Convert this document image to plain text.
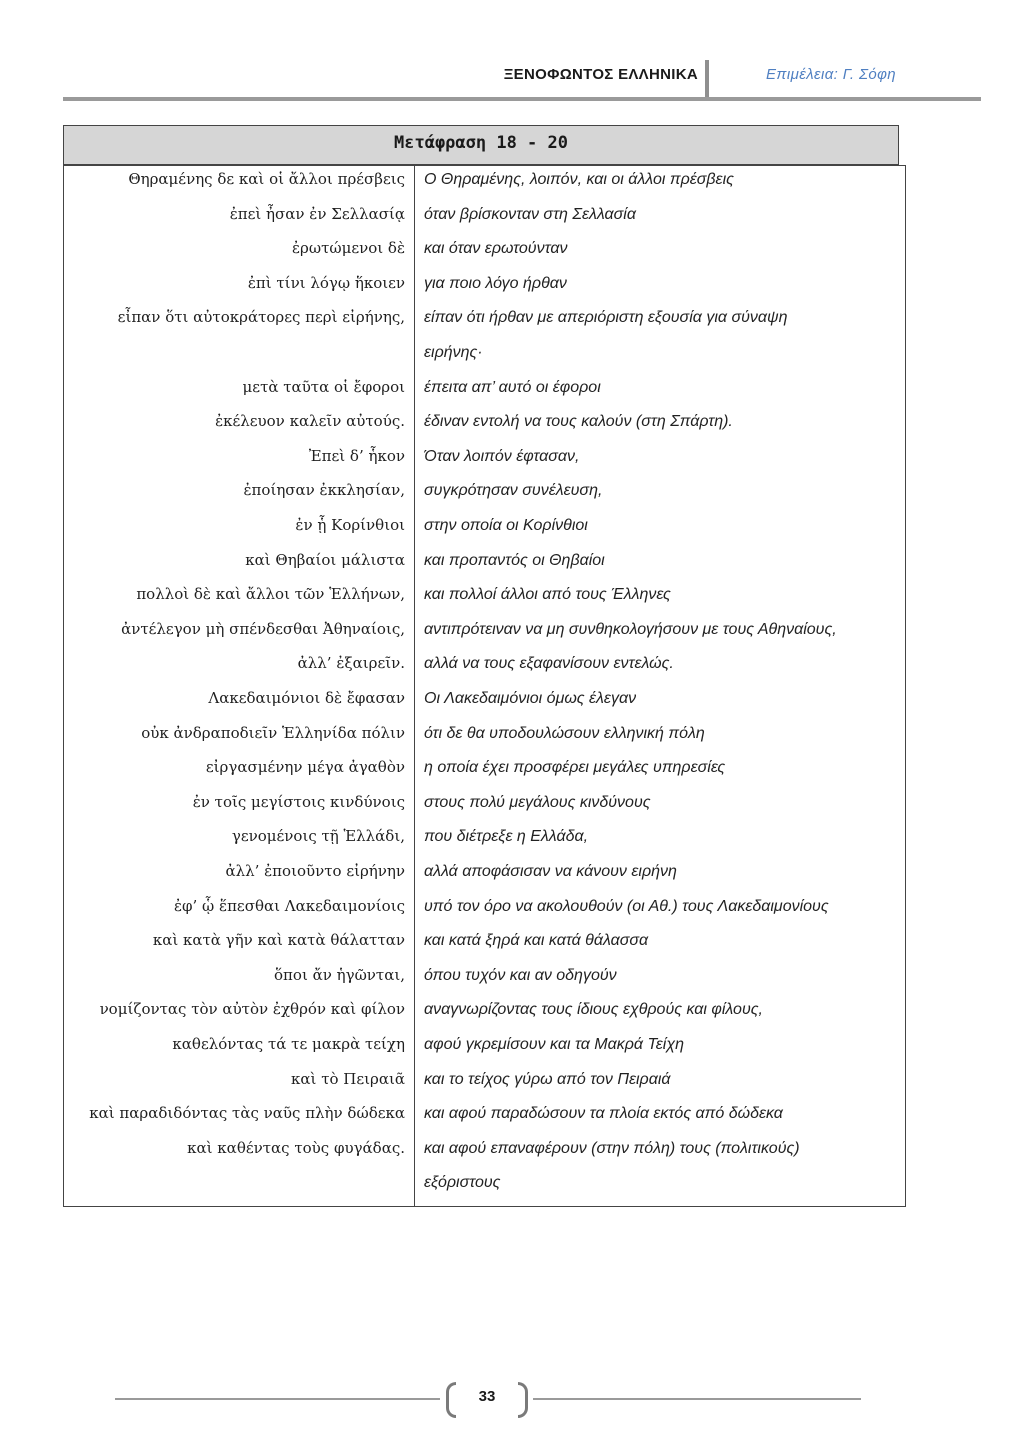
ΞΕΝΟΦΩΝΤΟΣ ΕΛΛΗΝΙΚΑ	Επιμέλεια: Γ. Σόφη
Μετάφραση 18 - 20
Θηραμένης δε καὶ οἱ ἄλλοι πρέσβεις Ο Θηραμένης, λοιπόν, και οι άλλοι πρέσβεις
ἐπεὶ ἦσαν ἐν Σελλασίᾳ όταν βρίσκονταν στη Σελλασία
ἐρωτώμενοι δὲ και όταν ερωτούνταν
ἐπὶ τίνι λόγῳ ἥκοιεν για ποιο λόγο ήρθαν
εἶπαν ὅτι αὐτοκράτορες περὶ εἰρήνης, είπαν ότι ήρθαν με απεριόριστη εξουσία για σύναψη
ειρήνης·
μετὰ ταῦτα οἱ ἔφοροι έπειτα απ’ αυτό οι έφοροι
ἐκέλευον καλεῖν αὐτούς. έδιναν εντολή να τους καλούν (στη Σπάρτη).
Ἐπεὶ δ’ ἧκον Όταν λοιπόν έφτασαν,
ἐποίησαν ἐκκλησίαν, συγκρότησαν συνέλευση,
ἐν ᾗ Κορίνθιοι στην οποία οι Κορίνθιοι
καὶ Θηβαίοι μάλιστα και προπαντός οι Θηβαίοι
πολλοὶ δὲ καὶ ἄλλοι τῶν Ἑλλήνων, και πολλοί άλλοι από τους Έλληνες
ἀντέλεγον μὴ σπένδεσθαι Ἀθηναίοις, αντιπρότειναν να μη συνθηκολογήσουν με τους Αθηναίους,
ἀλλ’ ἐξαιρεῖν. αλλά να τους εξαφανίσουν εντελώς.
Λακεδαιμόνιοι δὲ ἔφασαν Οι Λακεδαιμόνιοι όμως έλεγαν
οὐκ ἀνδραποδιεῖν Ἑλληνίδα πόλιν ότι δε θα υποδουλώσουν ελληνική πόλη
εἰργασμένην μέγα ἀγαθὸν η οποία έχει προσφέρει μεγάλες υπηρεσίες
ἐν τοῖς μεγίστοις κινδύνοις στους πολύ μεγάλους κινδύνους
γενομένοις τῇ Ἑλλάδι, που διέτρεξε η Ελλάδα,
ἀλλ’ ἐποιοῦντο εἰρήνην αλλά αποφάσισαν να κάνουν ειρήνη
ἐφ’ ᾧ ἕπεσθαι Λακεδαιμονίοις υπό τον όρο να ακολουθούν (οι Αθ.) τους Λακεδαιμονίους
καὶ κατὰ γῆν καὶ κατὰ θάλατταν και κατά ξηρά και κατά θάλασσα
ὅποι ἄν ἡγῶνται, όπου τυχόν και αν οδηγούν
νομίζοντας τὸν αὐτὸν ἐχθρόν καὶ φίλον αναγνωρίζοντας τους ίδιους εχθρούς και φίλους,
καθελόντας τά τε μακρὰ τείχη αφού γκρεμίσουν και τα Μακρά Τείχη
καὶ τὸ Πειραιᾶ και το τείχος γύρω από τον Πειραιά
καὶ παραδιδόντας τὰς ναῦς πλὴν δώδεκα και αφού παραδώσουν τα πλοία εκτός από δώδεκα
καὶ καθέντας τοὺς φυγάδας. και αφού επαναφέρουν (στην πόλη) τους (πολιτικούς)
εξόριστους
33
